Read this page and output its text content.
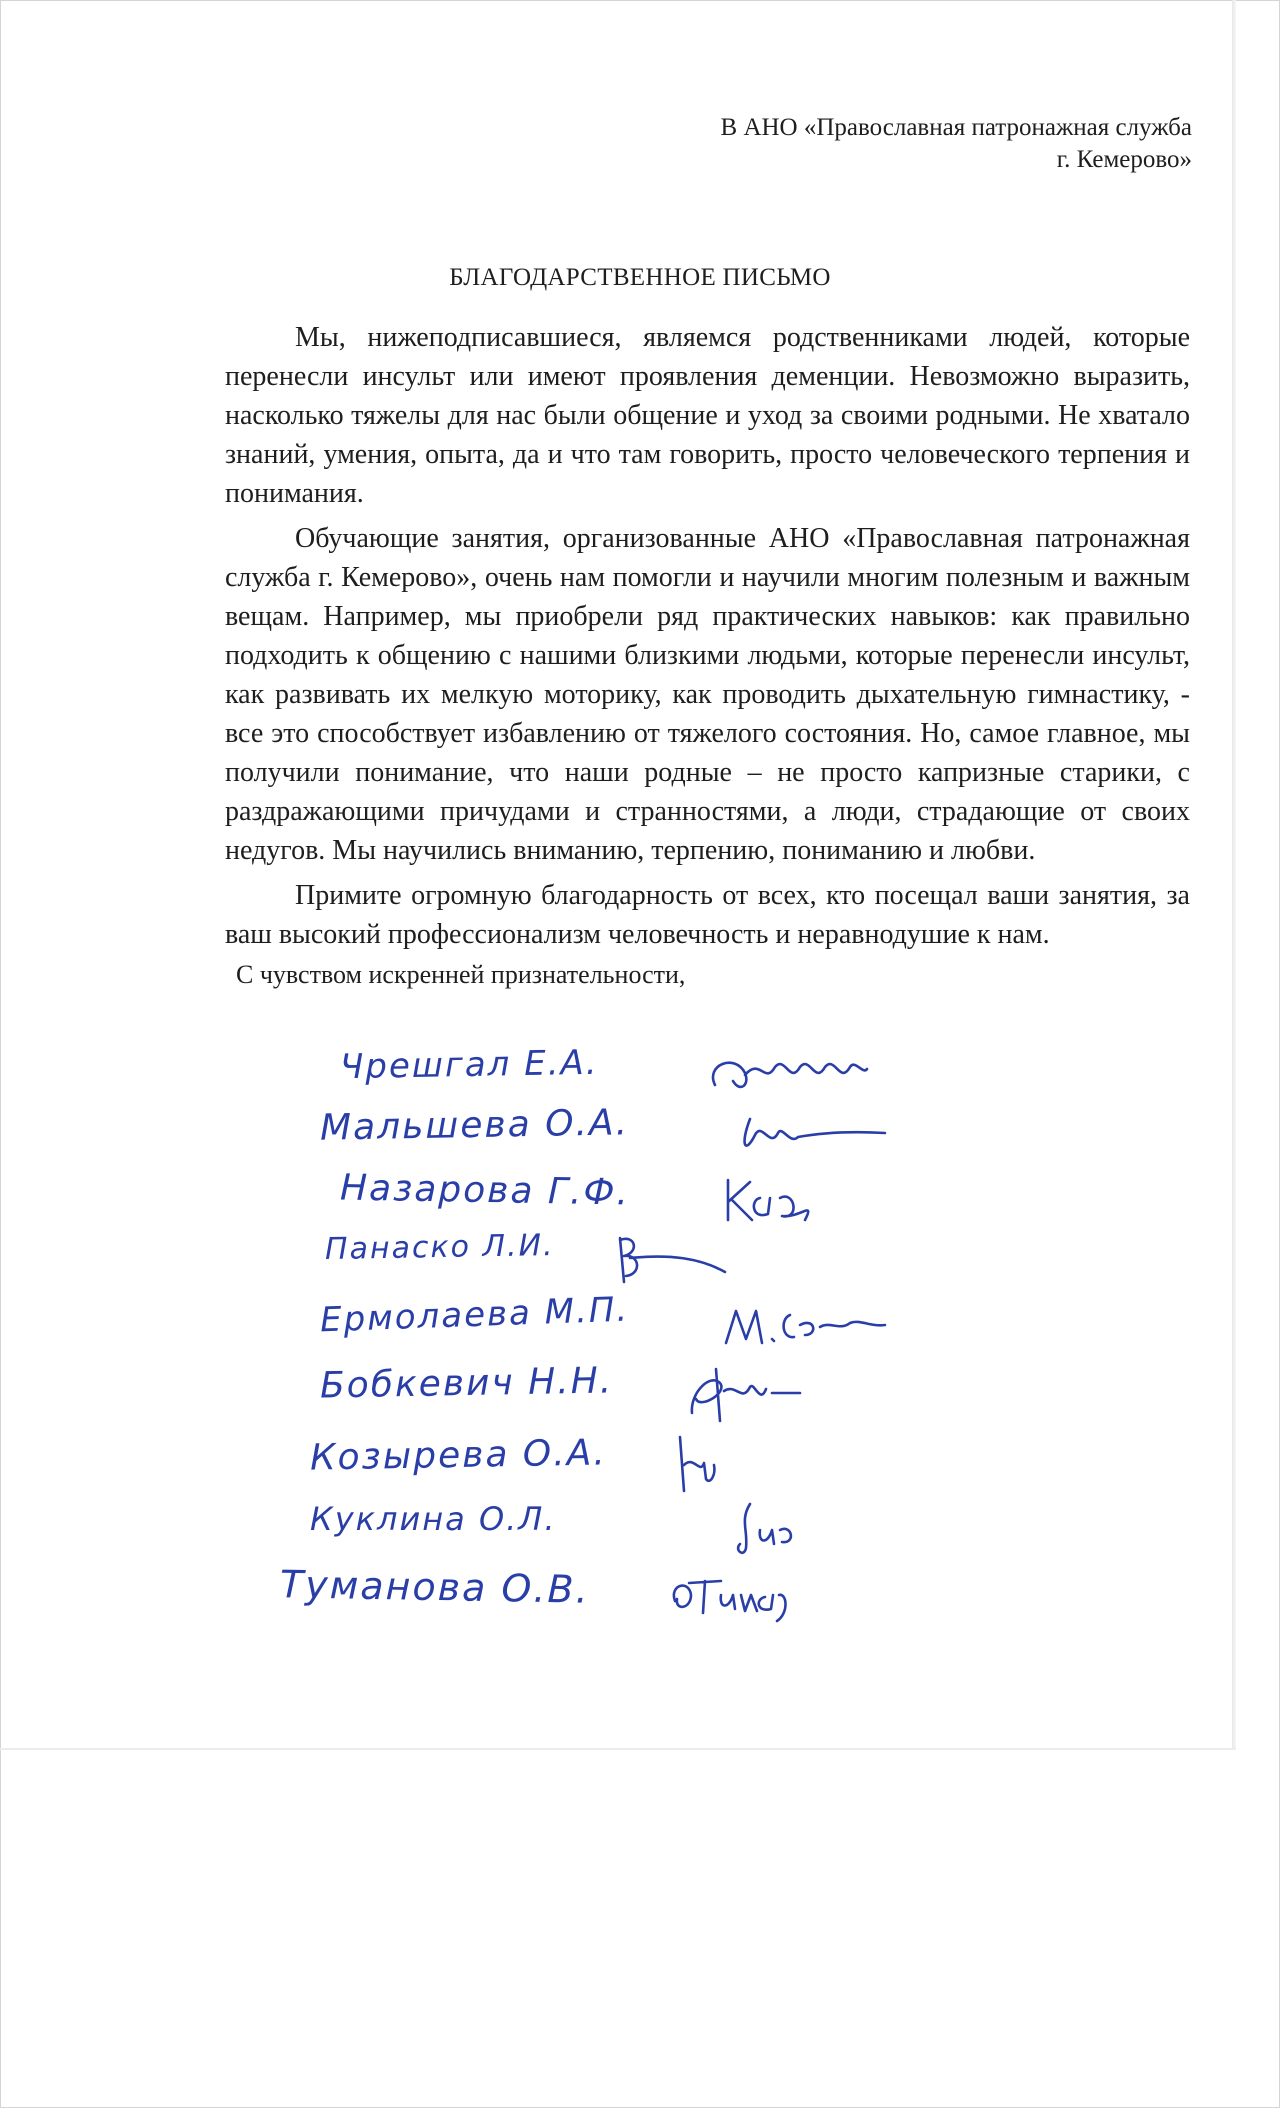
В АНО «Православная патронажная служба
г. Кемерово»
БЛАГОДАРСТВЕННОЕ ПИСЬМО

Мы, нижеподписавшиеся, являемся родственниками людей, которые перенесли инсульт или имеют проявления деменции. Невозможно выразить, насколько тяжелы для нас были общение и уход за своими родными. Не хватало знаний, умения, опыта, да и что там говорить, просто человеческого терпения и понимания.

Обучающие занятия, организованные АНО «Православная патронажная служба г. Кемерово», очень нам помогли и научили многим полезным и важным вещам. Например, мы приобрели ряд практических навыков: как правильно подходить к общению с нашими близкими людьми, которые перенесли инсульт, как развивать их мелкую моторику, как проводить дыхательную гимнастику, - все это способствует избавлению от тяжелого состояния. Но, самое главное, мы получили понимание, что наши родные – не просто капризные старики, с раздражающими причудами и странностями, а люди, страдающие от своих недугов. Мы научились вниманию, терпению, пониманию и любви.

Примите огромную благодарность от всех, кто посещал ваши занятия, за ваш высокий профессионализм человечность и неравнодушие к нам.

С чувством искренней признательности,
Чрешгал Е.А.
Мальшева О.А.
Назарова Г.Ф.
Панаско Л.И.
Ермолаева М.П.
Бобкевич Н.Н.
Козырева О.А.
Куклина О.Л.
Туманова О.В.
